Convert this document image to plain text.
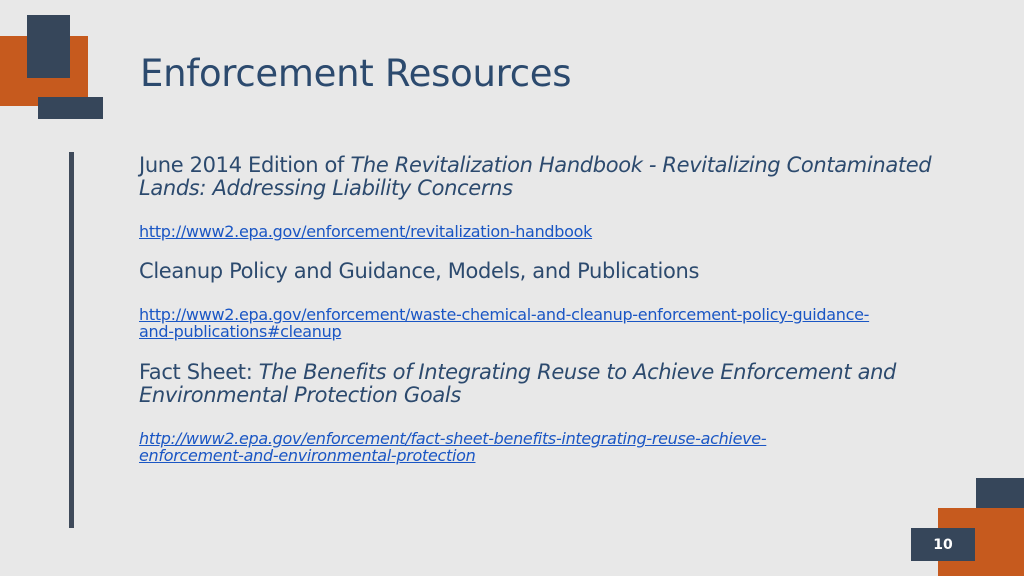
Enforcement Resources

June 2014 Edition of The Revitalization Handbook - Revitalizing Contaminated Lands: Addressing Liability Concerns

http://www2.epa.gov/enforcement/revitalization-handbook

Cleanup Policy and Guidance, Models, and Publications

http://www2.epa.gov/enforcement/waste-chemical-and-cleanup-enforcement-policy-guidance-and-publications#cleanup

Fact Sheet: The Benefits of Integrating Reuse to Achieve Enforcement and Environmental Protection Goals

http://www2.epa.gov/enforcement/fact-sheet-benefits-integrating-reuse-achieve-enforcement-and-environmental-protection
10
